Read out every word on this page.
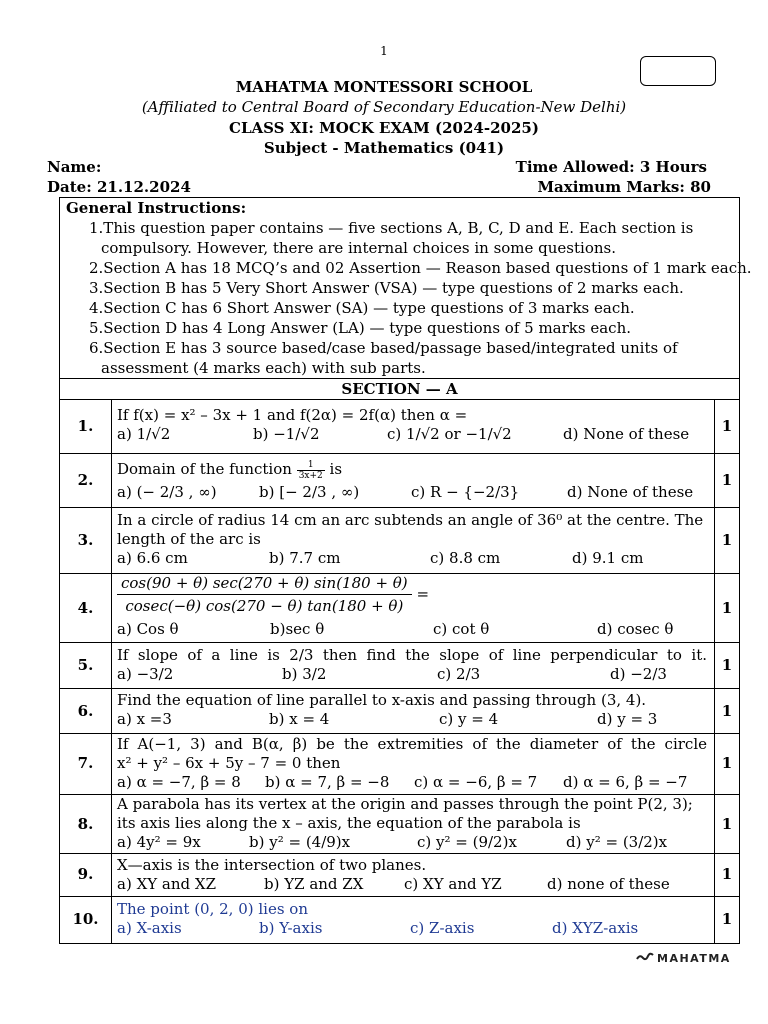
1
MAHATMA MONTESSORI SCHOOL
(Affiliated to Central Board of Secondary Education-New Delhi)
CLASS XI: MOCK EXAM (2024-2025)
Subject - Mathematics (041)
Name:
Date: 21.12.2024
Time Allowed: 3 Hours
Maximum Marks: 80
General Instructions:
1.This question paper contains — five sections A, B, C, D and E. Each section is
compulsory. However, there are internal choices in some questions.
2.Section A has 18 MCQ’s and 02 Assertion — Reason based questions of 1 mark each.
3.Section B has 5 Very Short Answer (VSA) — type questions of 2 marks each.
4.Section C has 6 Short Answer (SA) — type questions of 3 marks each.
5.Section D has 4 Long Answer (LA) — type questions of 5 marks each.
6.Section E has 3 source based/case based/passage based/integrated units of
assessment (4 marks each) with sub parts.
SECTION — A
1.
If f(x) = x² – 3x + 1 and f(2α) = 2f(α) then α =
a) 1/√2	b) −1/√2	c) 1/√2 or −1/√2	d) None of these	1
2.
Domain of the function $\frac{1}{3x+2}$ is
a) (− 2/3 , ∞)	b) [− 2/3 , ∞)	c) R − {−2/3}	d) None of these
1
3.
In a circle of radius 14 cm an arc subtends an angle of 36⁰ at the centre. The
length of the arc is
a) 6.6 cm	b) 7.7 cm	c) 8.8 cm	d) 9.1 cm
1
4.	$\frac{\cos(90 + \theta) \sec(270 + \theta) \sin(180 + \theta)}{cosec(-\theta) \cos(270 - \theta) \tan(180 + \theta)}$ =
a) Cos θ	b)sec θ	c) cot θ	d) cosec θ
1
5.
If slope of a line is 2/3 then find the slope of line perpendicular to it.
a) −3/2	b) 3/2	c) 2/3	d) −2/3	1
6.
Find the equation of line parallel to x-axis and passing through (3, 4).
a) x =3	b) x = 4	c) y = 4	d) y = 3	1
7.
If A(−1, 3) and B(α, β) be the extremities of the diameter of the circle
x² + y² – 6x + 5y – 7 = 0 then
a) α = −7, β = 8 b) α = 7, β = −8 c) α = −6, β = 7 d) α = 6, β = −7
1
8.
A parabola has its vertex at the origin and passes through the point P(2, 3);
its axis lies along the x – axis, the equation of the parabola is
a) 4y² = 9x	b) y² = (4/9)x	c) y² = (9/2)x	d) y² = (3/2)x
1
9.	X—axis is the intersection of two planes.
a) XY and XZ	b) YZ and ZX	c) XY and YZ	d) none of these
1
10.
The point (0, 2, 0) lies on
a) X-axis	b) Y-axis	c) Z-axis	d) XYZ-axis	1
MAHATMA
